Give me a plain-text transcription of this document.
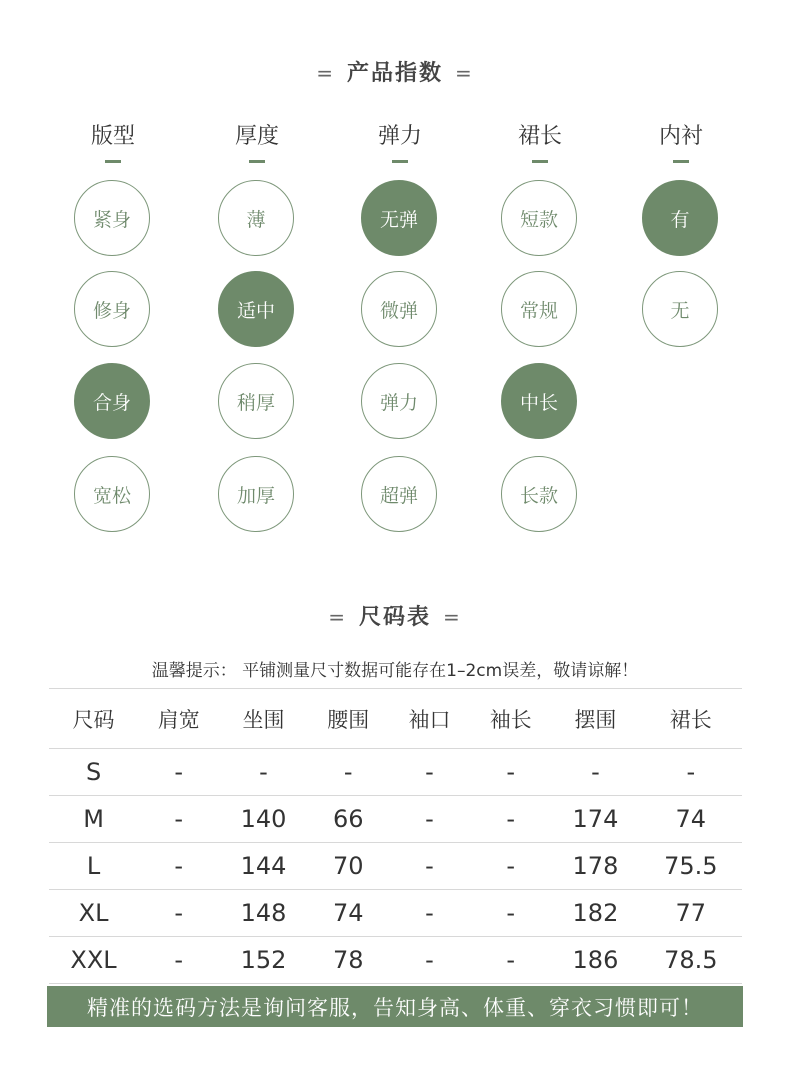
= 产品指数 =
版型
紧身
修身
合身
宽松
厚度
薄
适中
稍厚
加厚
弹力
无弹
微弹
弹力
超弹
裙长
短款
常规
中长
长款
内衬
有
无
= 尺码表 =
温馨提示： 平铺测量尺寸数据可能存在1–2cm误差，敬请谅解！
尺码	肩宽	坐围	腰围	袖口	袖长	摆围	裙长
S	-	-	-	-	-	-	-
M	-	140	66	-	-	174	74
L	-	144	70	-	-	178	75.5
XL	-	148	74	-	-	182	77
XXL	-	152	78	-	-	186	78.5
精准的选码方法是询问客服，告知身高、体重、穿衣习惯即可！
